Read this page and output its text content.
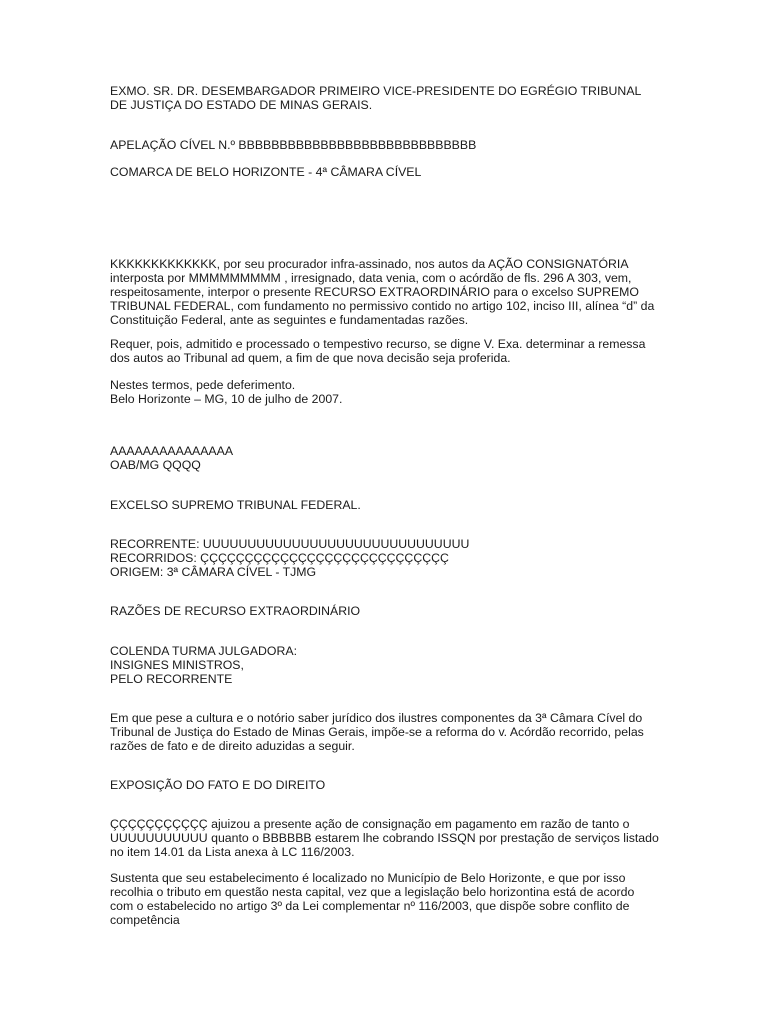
EXMO. SR. DR. DESEMBARGADOR PRIMEIRO VICE-PRESIDENTE DO EGRÉGIO TRIBUNAL
DE JUSTIÇA DO ESTADO DE MINAS GERAIS.
APELAÇÃO CÍVEL N.º BBBBBBBBBBBBBBBBBBBBBBBBBBBBB
COMARCA DE BELO HORIZONTE - 4ª CÂMARA CÍVEL
KKKKKKKKKKKKK, por seu procurador infra-assinado, nos autos da AÇÃO CONSIGNATÓRIA
interposta por MMMMMMMMM , irresignado, data venia, com o acórdão de fls. 296 A 303, vem,
respeitosamente, interpor o presente RECURSO EXTRAORDINÁRIO para o excelso SUPREMO
TRIBUNAL FEDERAL, com fundamento no permissivo contido no artigo 102, inciso III, alínea “d” da
Constituição Federal, ante as seguintes e fundamentadas razões.
Requer, pois, admitido e processado o tempestivo recurso, se digne V. Exa. determinar a remessa
dos autos ao Tribunal ad quem, a fim de que nova decisão seja proferida.
Nestes termos, pede deferimento.
Belo Horizonte – MG, 10 de julho de 2007.
AAAAAAAAAAAAAAA
OAB/MG QQQQ
EXCELSO SUPREMO TRIBUNAL FEDERAL.
RECORRENTE: UUUUUUUUUUUUUUUUUUUUUUUUUUUUUU
RECORRIDOS: ÇÇÇÇÇÇÇÇÇÇÇÇÇÇÇÇÇÇÇÇÇÇÇÇÇÇÇÇ
ORIGEM: 3ª CÂMARA CÍVEL - TJMG
RAZÕES DE RECURSO EXTRAORDINÁRIO
COLENDA TURMA JULGADORA:
INSIGNES MINISTROS,
PELO RECORRENTE
Em que pese a cultura e o notório saber jurídico dos ilustres componentes da 3ª Câmara Cível do
Tribunal de Justiça do Estado de Minas Gerais, impõe-se a reforma do v. Acórdão recorrido, pelas
razões de fato e de direito aduzidas a seguir.
EXPOSIÇÃO DO FATO E DO DIREITO
ÇÇÇÇÇÇÇÇÇÇÇ ajuizou a presente ação de consignação em pagamento em razão de tanto o
UUUUUUUUUUU quanto o BBBBBB estarem lhe cobrando ISSQN por prestação de serviços listado
no item 14.01 da Lista anexa à LC 116/2003.
Sustenta que seu estabelecimento é localizado no Município de Belo Horizonte, e que por isso
recolhia o tributo em questão nesta capital, vez que a legislação belo horizontina está de acordo
com o estabelecido no artigo 3º da Lei complementar nº 116/2003, que dispõe sobre conflito de
competência
